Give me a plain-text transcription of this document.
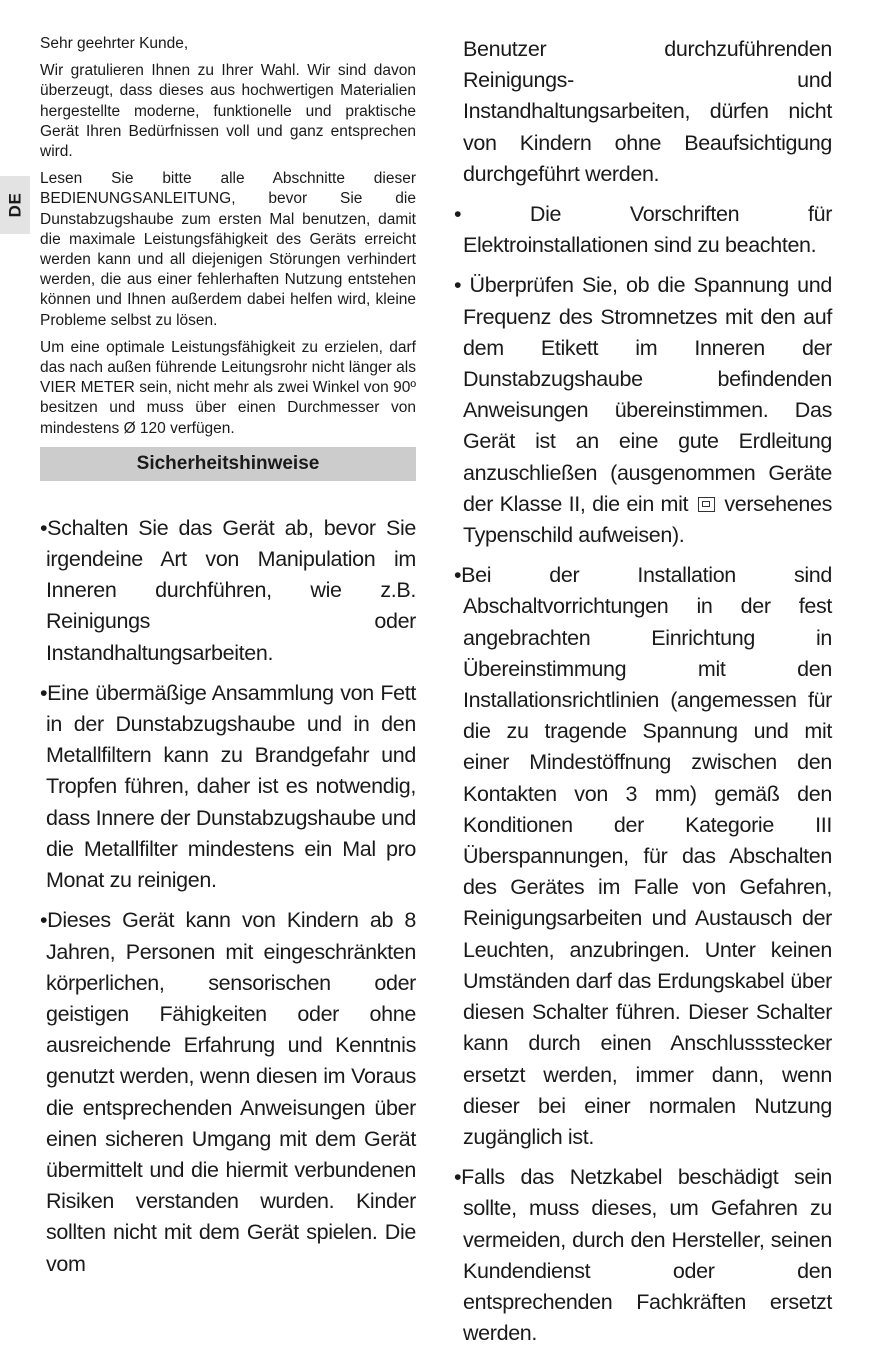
DE

Sehr geehrter Kunde,

Wir gratulieren Ihnen zu Ihrer Wahl. Wir sind davon überzeugt, dass dieses aus hochwertigen Materialien hergestellte moderne, funktionelle und praktische Gerät Ihren Bedürfnissen voll und ganz entsprechen wird.

Lesen Sie bitte alle Abschnitte dieser BEDIENUNGSANLEITUNG, bevor Sie die Dunstabzugshaube zum ersten Mal benutzen, damit die maximale Leistungsfähigkeit des Geräts erreicht werden kann und all diejenigen Störungen verhindert werden, die aus einer fehlerhaften Nutzung entstehen können und Ihnen außerdem dabei helfen wird, kleine Probleme selbst zu lösen.

Um eine optimale Leistungsfähigkeit zu erzielen, darf das nach außen führende Leitungsrohr nicht länger als VIER METER sein, nicht mehr als zwei Winkel von 90º besitzen und muss über einen Durchmesser von mindestens Ø 120 verfügen.

Sicherheitshinweise

•Schalten Sie das Gerät ab, bevor Sie irgendeine Art von Manipulation im Inneren durchführen, wie z.B. Reinigungs oder Instandhaltungsarbeiten.

•Eine übermäßige Ansammlung von Fett in der Dunstabzugshaube und in den Metallfiltern kann zu Brandgefahr und Tropfen führen, daher ist es notwendig, dass Innere der Dunstabzugshaube und die Metallfilter mindestens ein Mal pro Monat zu reinigen.

•Dieses Gerät kann von Kindern ab 8 Jahren, Personen mit eingeschränkten körperlichen, sensorischen oder geistigen Fähigkeiten oder ohne ausreichende Erfahrung und Kenntnis genutzt werden, wenn diesen im Voraus die entsprechenden Anweisungen über einen sicheren Umgang mit dem Gerät übermittelt und die hiermit verbundenen Risiken verstanden wurden. Kinder sollten nicht mit dem Gerät spielen. Die vom

Benutzer durchzuführenden Reinigungs- und Instandhaltungsarbeiten, dürfen nicht von Kindern ohne Beaufsichtigung durchgeführt werden.

• Die Vorschriften für Elektroinstallationen sind zu beachten.

• Überprüfen Sie, ob die Spannung und Frequenz des Stromnetzes mit den auf dem Etikett im Inneren der Dunstabzugshaube befindenden Anweisungen übereinstimmen. Das Gerät ist an eine gute Erdleitung anzuschließen (ausgenommen Geräte der Klasse II, die ein mit versehenes Typenschild aufweisen).

•Bei der Installation sind Abschaltvorrichtungen in der fest angebrachten Einrichtung in Übereinstimmung mit den Installationsrichtlinien (angemessen für die zu tragende Spannung und mit einer Mindestöffnung zwischen den Kontakten von 3 mm) gemäß den Konditionen der Kategorie III Überspannungen, für das Abschalten des Gerätes im Falle von Gefahren, Reinigungsarbeiten und Austausch der Leuchten, anzubringen. Unter keinen Umständen darf das Erdungskabel über diesen Schalter führen. Dieser Schalter kann durch einen Anschlussstecker ersetzt werden, immer dann, wenn dieser bei einer normalen Nutzung zugänglich ist.

•Falls das Netzkabel beschädigt sein sollte, muss dieses, um Gefahren zu vermeiden, durch den Hersteller, seinen Kundendienst oder den entsprechenden Fachkräften ersetzt werden.
